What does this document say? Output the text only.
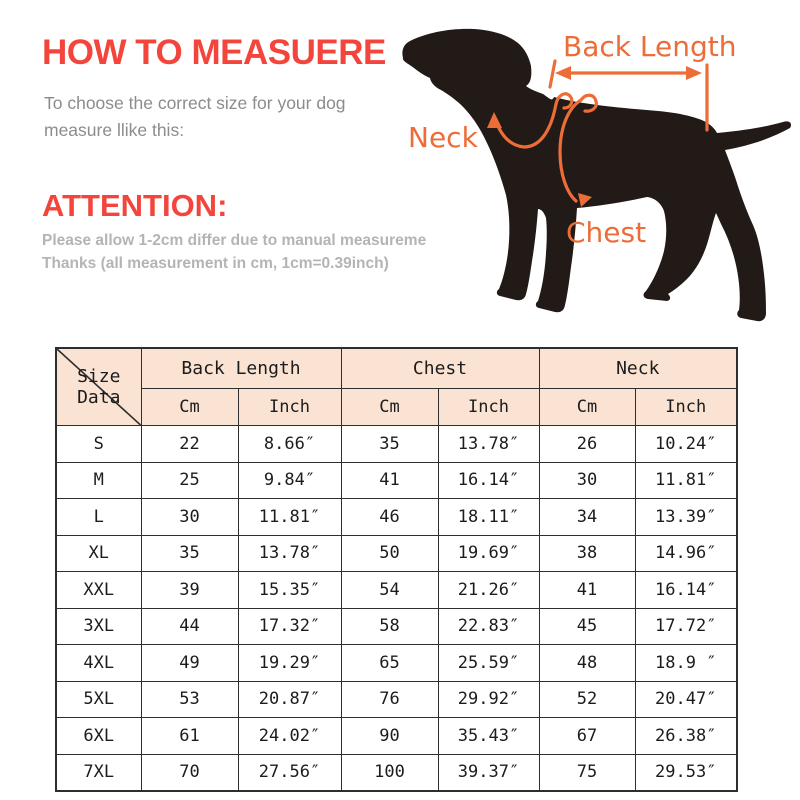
HOW TO MEASUERE
To choose the correct size for your dog
measure llike this:
ATTENTION:
Please allow 1-2cm differ due to manual measureme
Thanks (all measurement in cm, 1cm=0.39inch)
Back Length
Neck
Chest
Size Data	Back Length		Chest		Neck	
	Cm	Inch	Cm	Inch	Cm	Inch
S	22	8.66″	35	13.78″	26	10.24″
M	25	9.84″	41	16.14″	30	11.81″
L	30	11.81″	46	18.11″	34	13.39″
XL	35	13.78″	50	19.69″	38	14.96″
XXL	39	15.35″	54	21.26″	41	16.14″
3XL	44	17.32″	58	22.83″	45	17.72″
4XL	49	19.29″	65	25.59″	48	18.9 ″
5XL	53	20.87″	76	29.92″	52	20.47″
6XL	61	24.02″	90	35.43″	67	26.38″
7XL	70	27.56″	100	39.37″	75	29.53″
